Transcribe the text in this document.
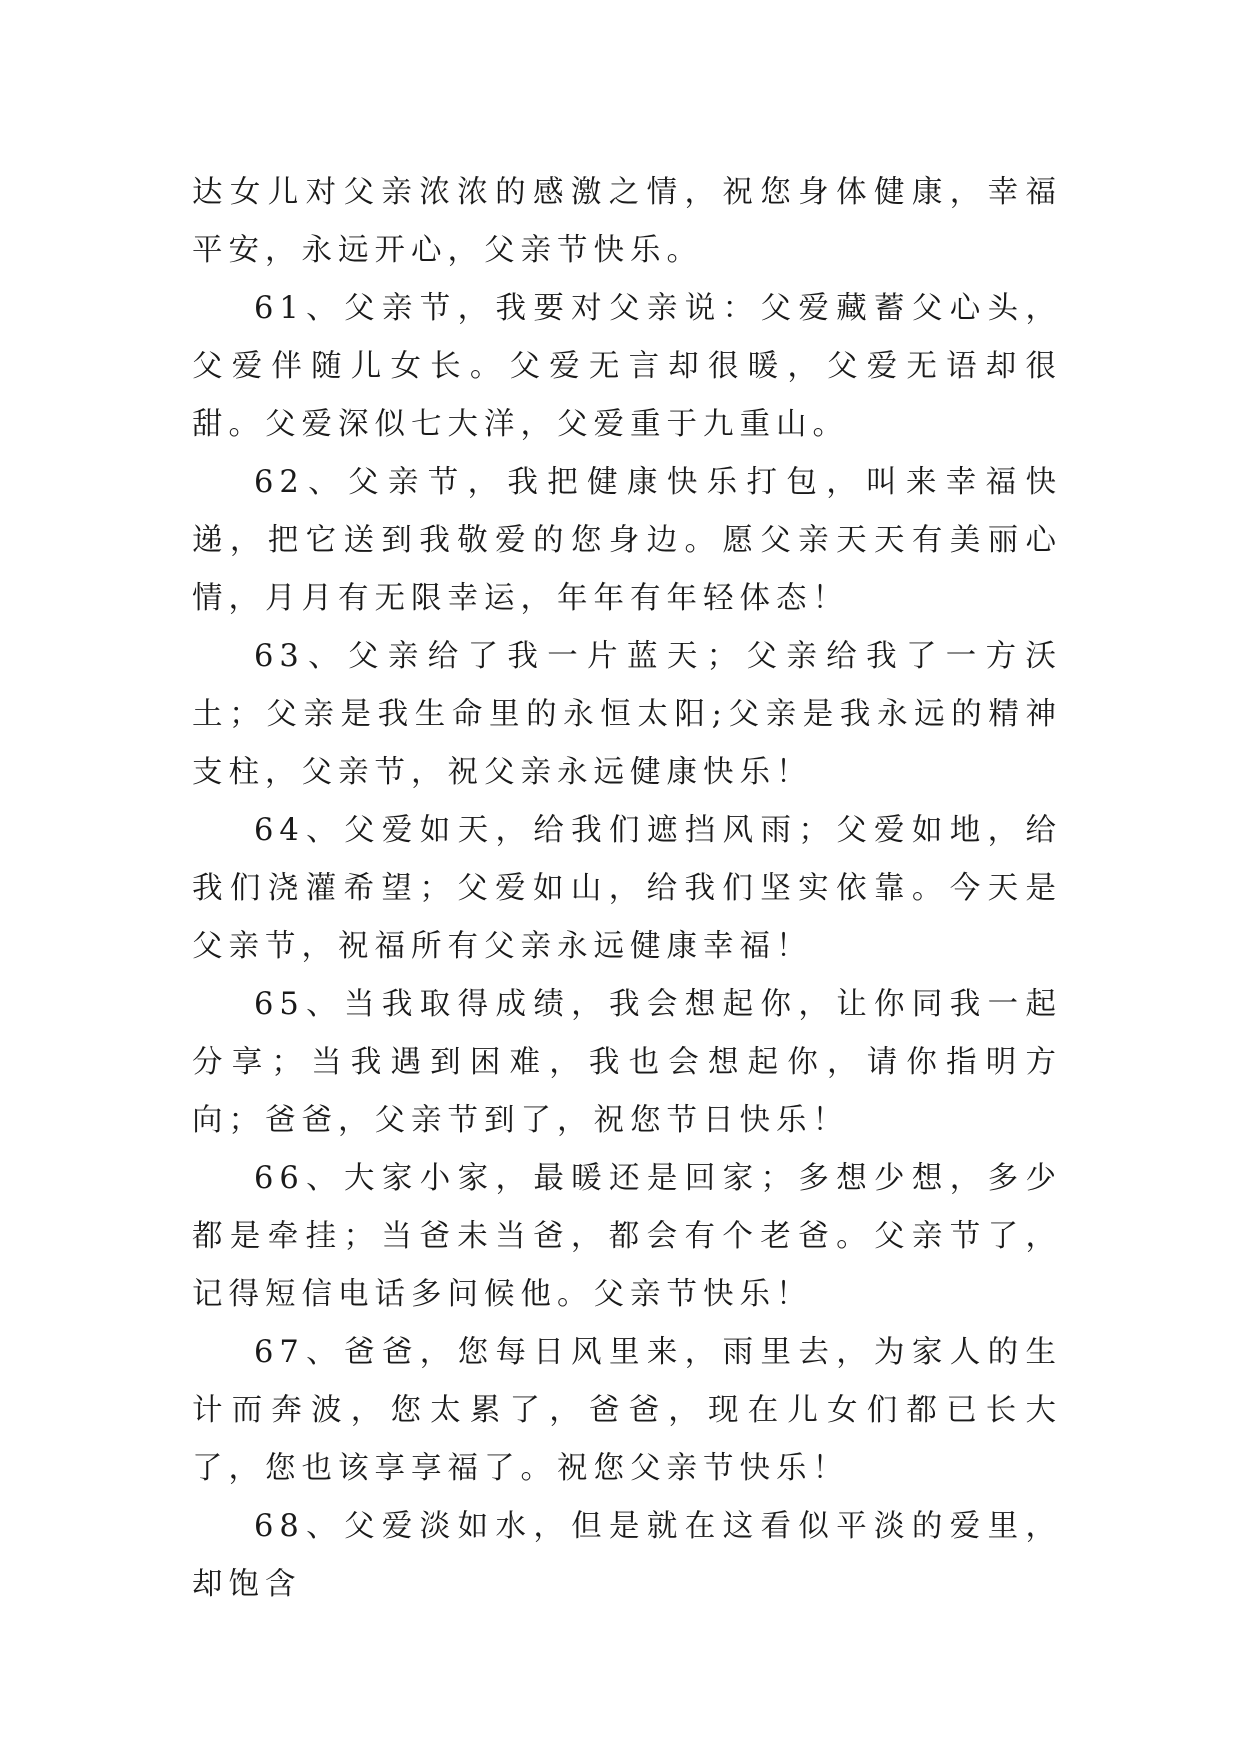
达女儿对父亲浓浓的感激之情，祝您身体健康，幸福平安，永远开心，父亲节快乐。

61、父亲节，我要对父亲说：父爱藏蓄父心头，父爱伴随儿女长。父爱无言却很暖，父爱无语却很甜。父爱深似七大洋，父爱重于九重山。

62、父亲节，我把健康快乐打包，叫来幸福快递，把它送到我敬爱的您身边。愿父亲天天有美丽心情，月月有无限幸运，年年有年轻体态！

63、父亲给了我一片蓝天；父亲给我了一方沃土；父亲是我生命里的永恒太阳;父亲是我永远的精神支柱，父亲节，祝父亲永远健康快乐！

64、父爱如天，给我们遮挡风雨；父爱如地，给我们浇灌希望；父爱如山，给我们坚实依靠。今天是父亲节，祝福所有父亲永远健康幸福！

65、当我取得成绩，我会想起你，让你同我一起分享；当我遇到困难，我也会想起你，请你指明方向；爸爸，父亲节到了，祝您节日快乐！

66、大家小家，最暖还是回家；多想少想，多少都是牵挂；当爸未当爸，都会有个老爸。父亲节了，记得短信电话多问候他。父亲节快乐！

67、爸爸，您每日风里来，雨里去，为家人的生计而奔波，您太累了，爸爸，现在儿女们都已长大了，您也该享享福了。祝您父亲节快乐！

68、父爱淡如水，但是就在这看似平淡的爱里，却饱含
